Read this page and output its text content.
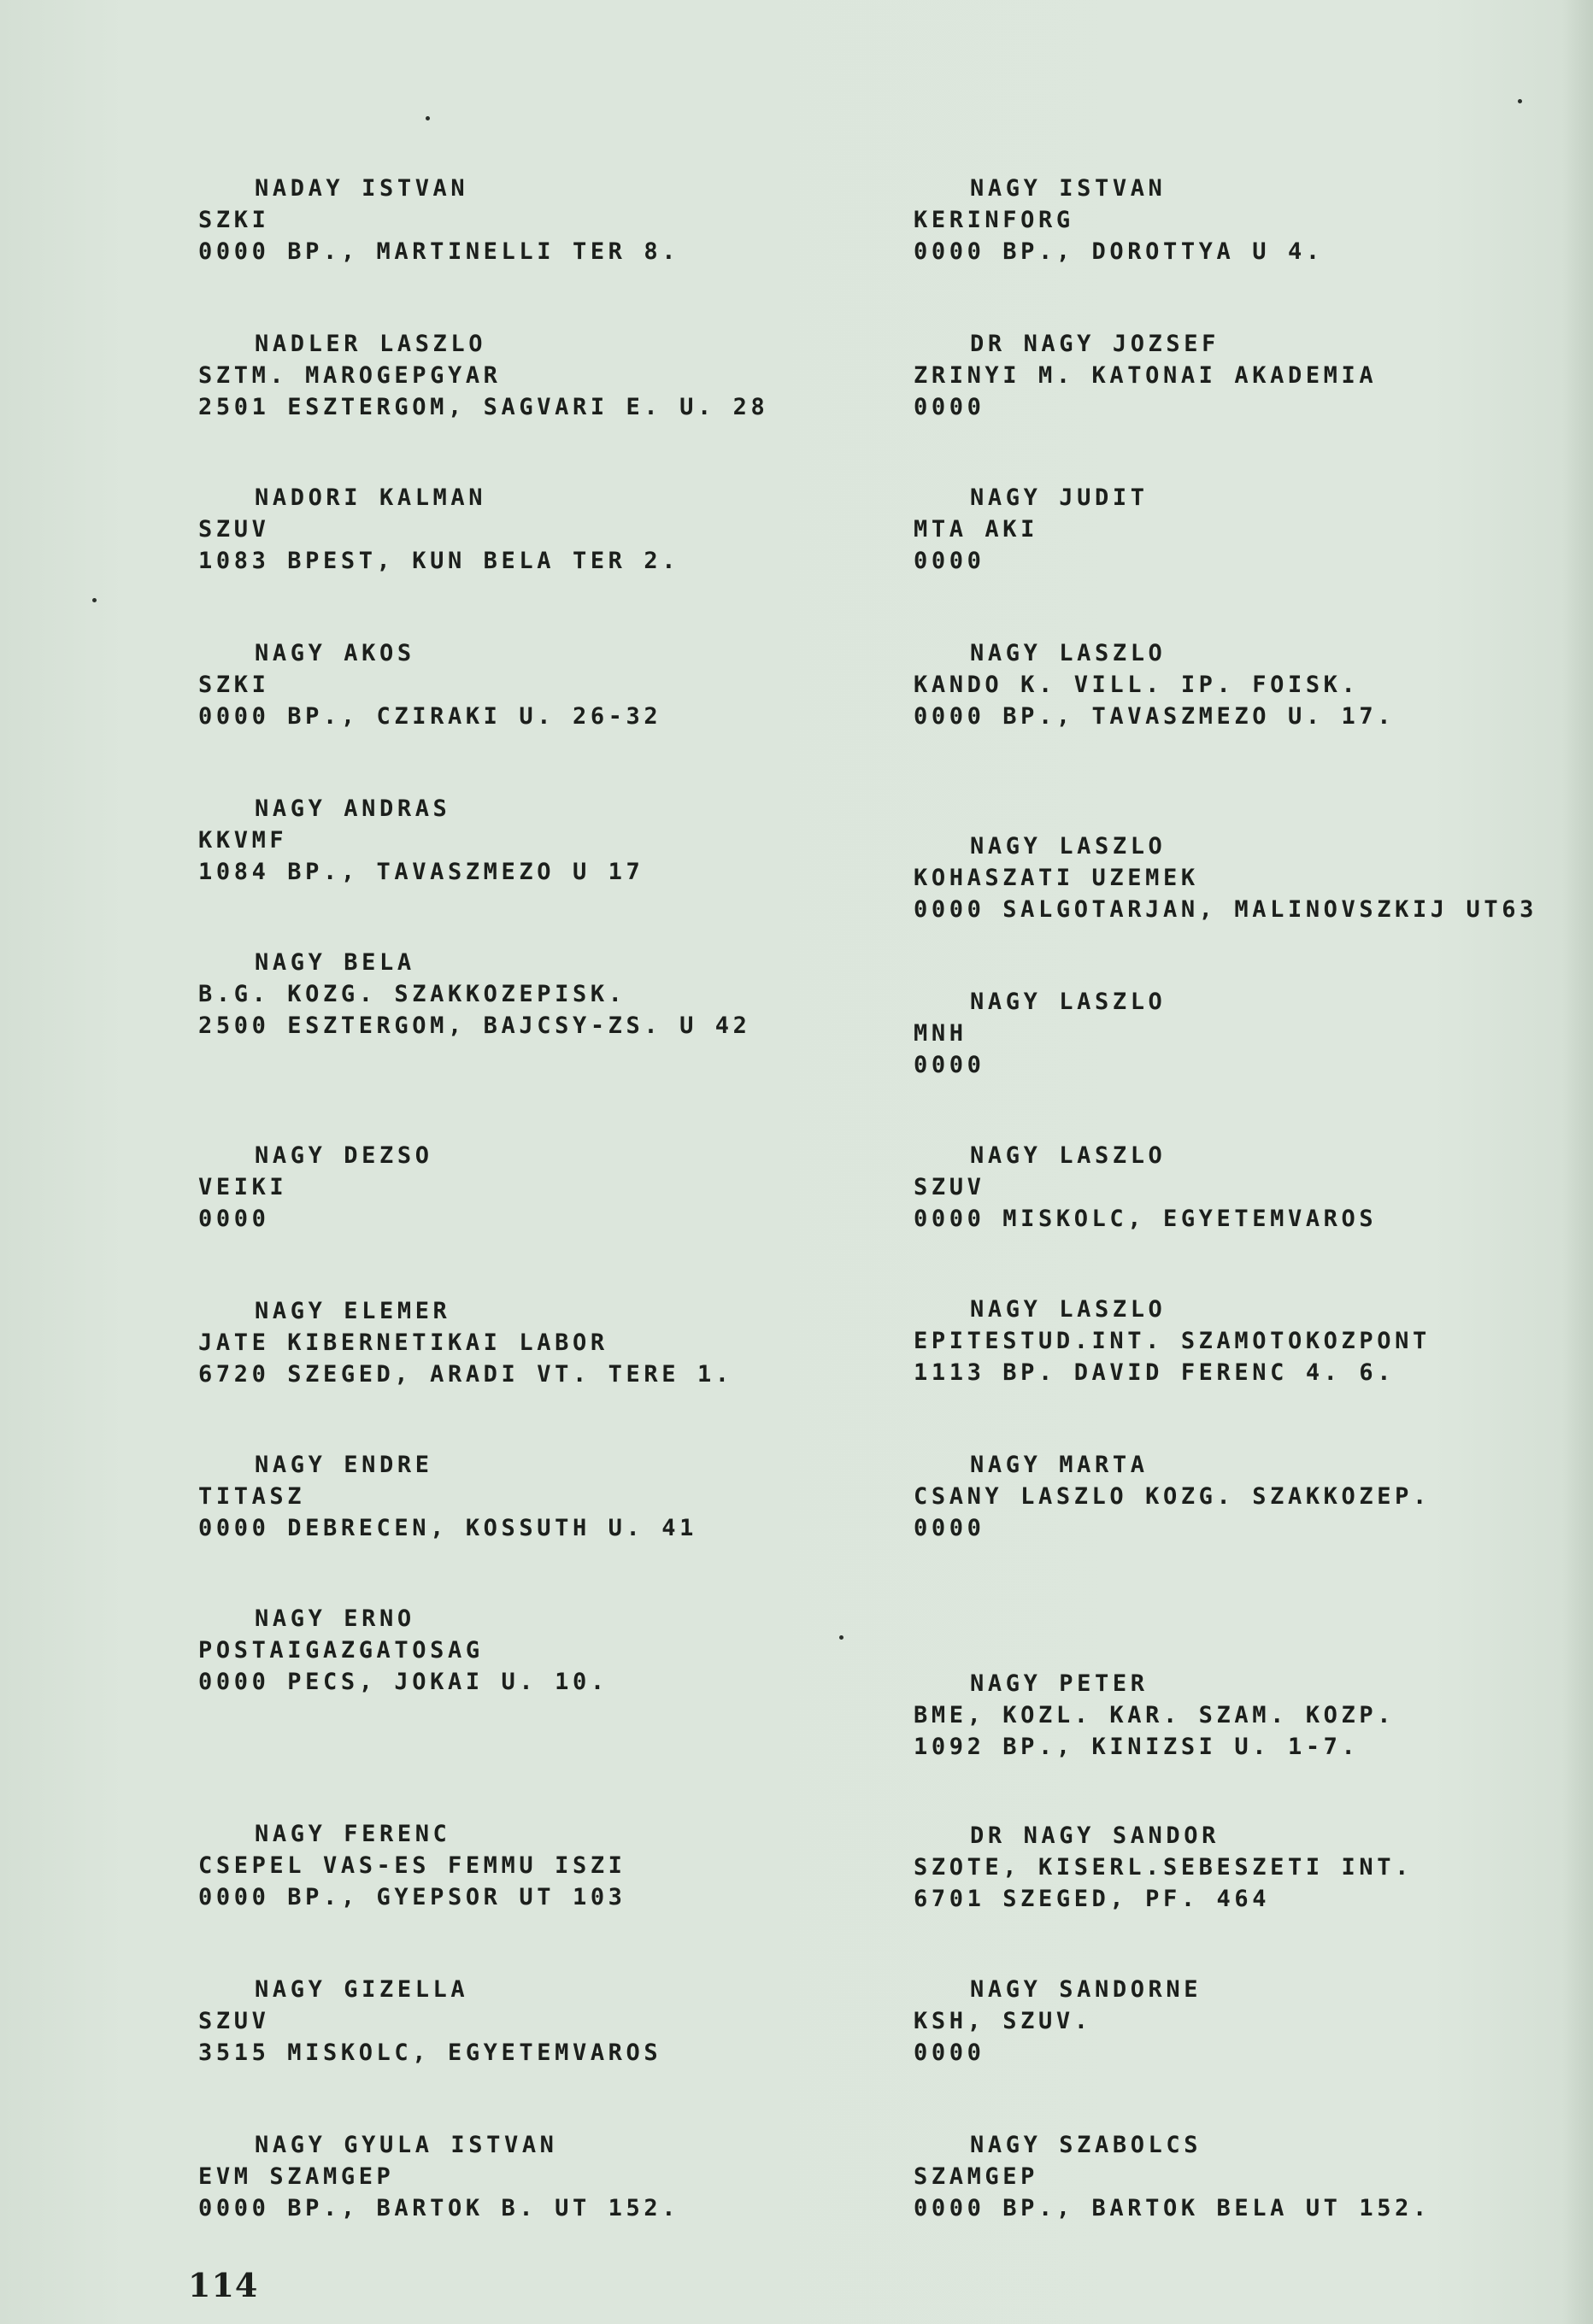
NADAY ISTVAN
SZKI
0000 BP., MARTINELLI TER 8.
NADLER LASZLO
SZTM. MAROGEPGYAR
2501 ESZTERGOM, SAGVARI E. U. 28
NADORI KALMAN
SZUV
1083 BPEST, KUN BELA TER 2.
NAGY AKOS
SZKI
0000 BP., CZIRAKI U. 26-32
NAGY ANDRAS
KKVMF
1084 BP., TAVASZMEZO U 17
NAGY BELA
B.G. KOZG. SZAKKOZEPISK.
2500 ESZTERGOM, BAJCSY-ZS. U 42
NAGY DEZSO
VEIKI
0000
NAGY ELEMER
JATE KIBERNETIKAI LABOR
6720 SZEGED, ARADI VT. TERE 1.
NAGY ENDRE
TITASZ
0000 DEBRECEN, KOSSUTH U. 41
NAGY ERNO
POSTAIGAZGATOSAG
0000 PECS, JOKAI U. 10.
NAGY FERENC
CSEPEL VAS-ES FEMMU ISZI
0000 BP., GYEPSOR UT 103
NAGY GIZELLA
SZUV
3515 MISKOLC, EGYETEMVAROS
NAGY GYULA ISTVAN
EVM SZAMGEP
0000 BP., BARTOK B. UT 152.
NAGY ISTVAN
KERINFORG
0000 BP., DOROTTYA U 4.
DR NAGY JOZSEF
ZRINYI M. KATONAI AKADEMIA
0000
NAGY JUDIT
MTA AKI
0000
NAGY LASZLO
KANDO K. VILL. IP. FOISK.
0000 BP., TAVASZMEZO U. 17.
NAGY LASZLO
KOHASZATI UZEMEK
0000 SALGOTARJAN, MALINOVSZKIJ UT63
NAGY LASZLO
MNH
0000
NAGY LASZLO
SZUV
0000 MISKOLC, EGYETEMVAROS
NAGY LASZLO
EPITESTUD.INT. SZAMOTOKOZPONT
1113 BP. DAVID FERENC 4. 6.
NAGY MARTA
CSANY LASZLO KOZG. SZAKKOZEP.
0000
NAGY PETER
BME, KOZL. KAR. SZAM. KOZP.
1092 BP., KINIZSI U. 1-7.
DR NAGY SANDOR
SZOTE, KISERL.SEBESZETI INT.
6701 SZEGED, PF. 464
NAGY SANDORNE
KSH, SZUV.
0000
NAGY SZABOLCS
SZAMGEP
0000 BP., BARTOK BELA UT 152.
114
